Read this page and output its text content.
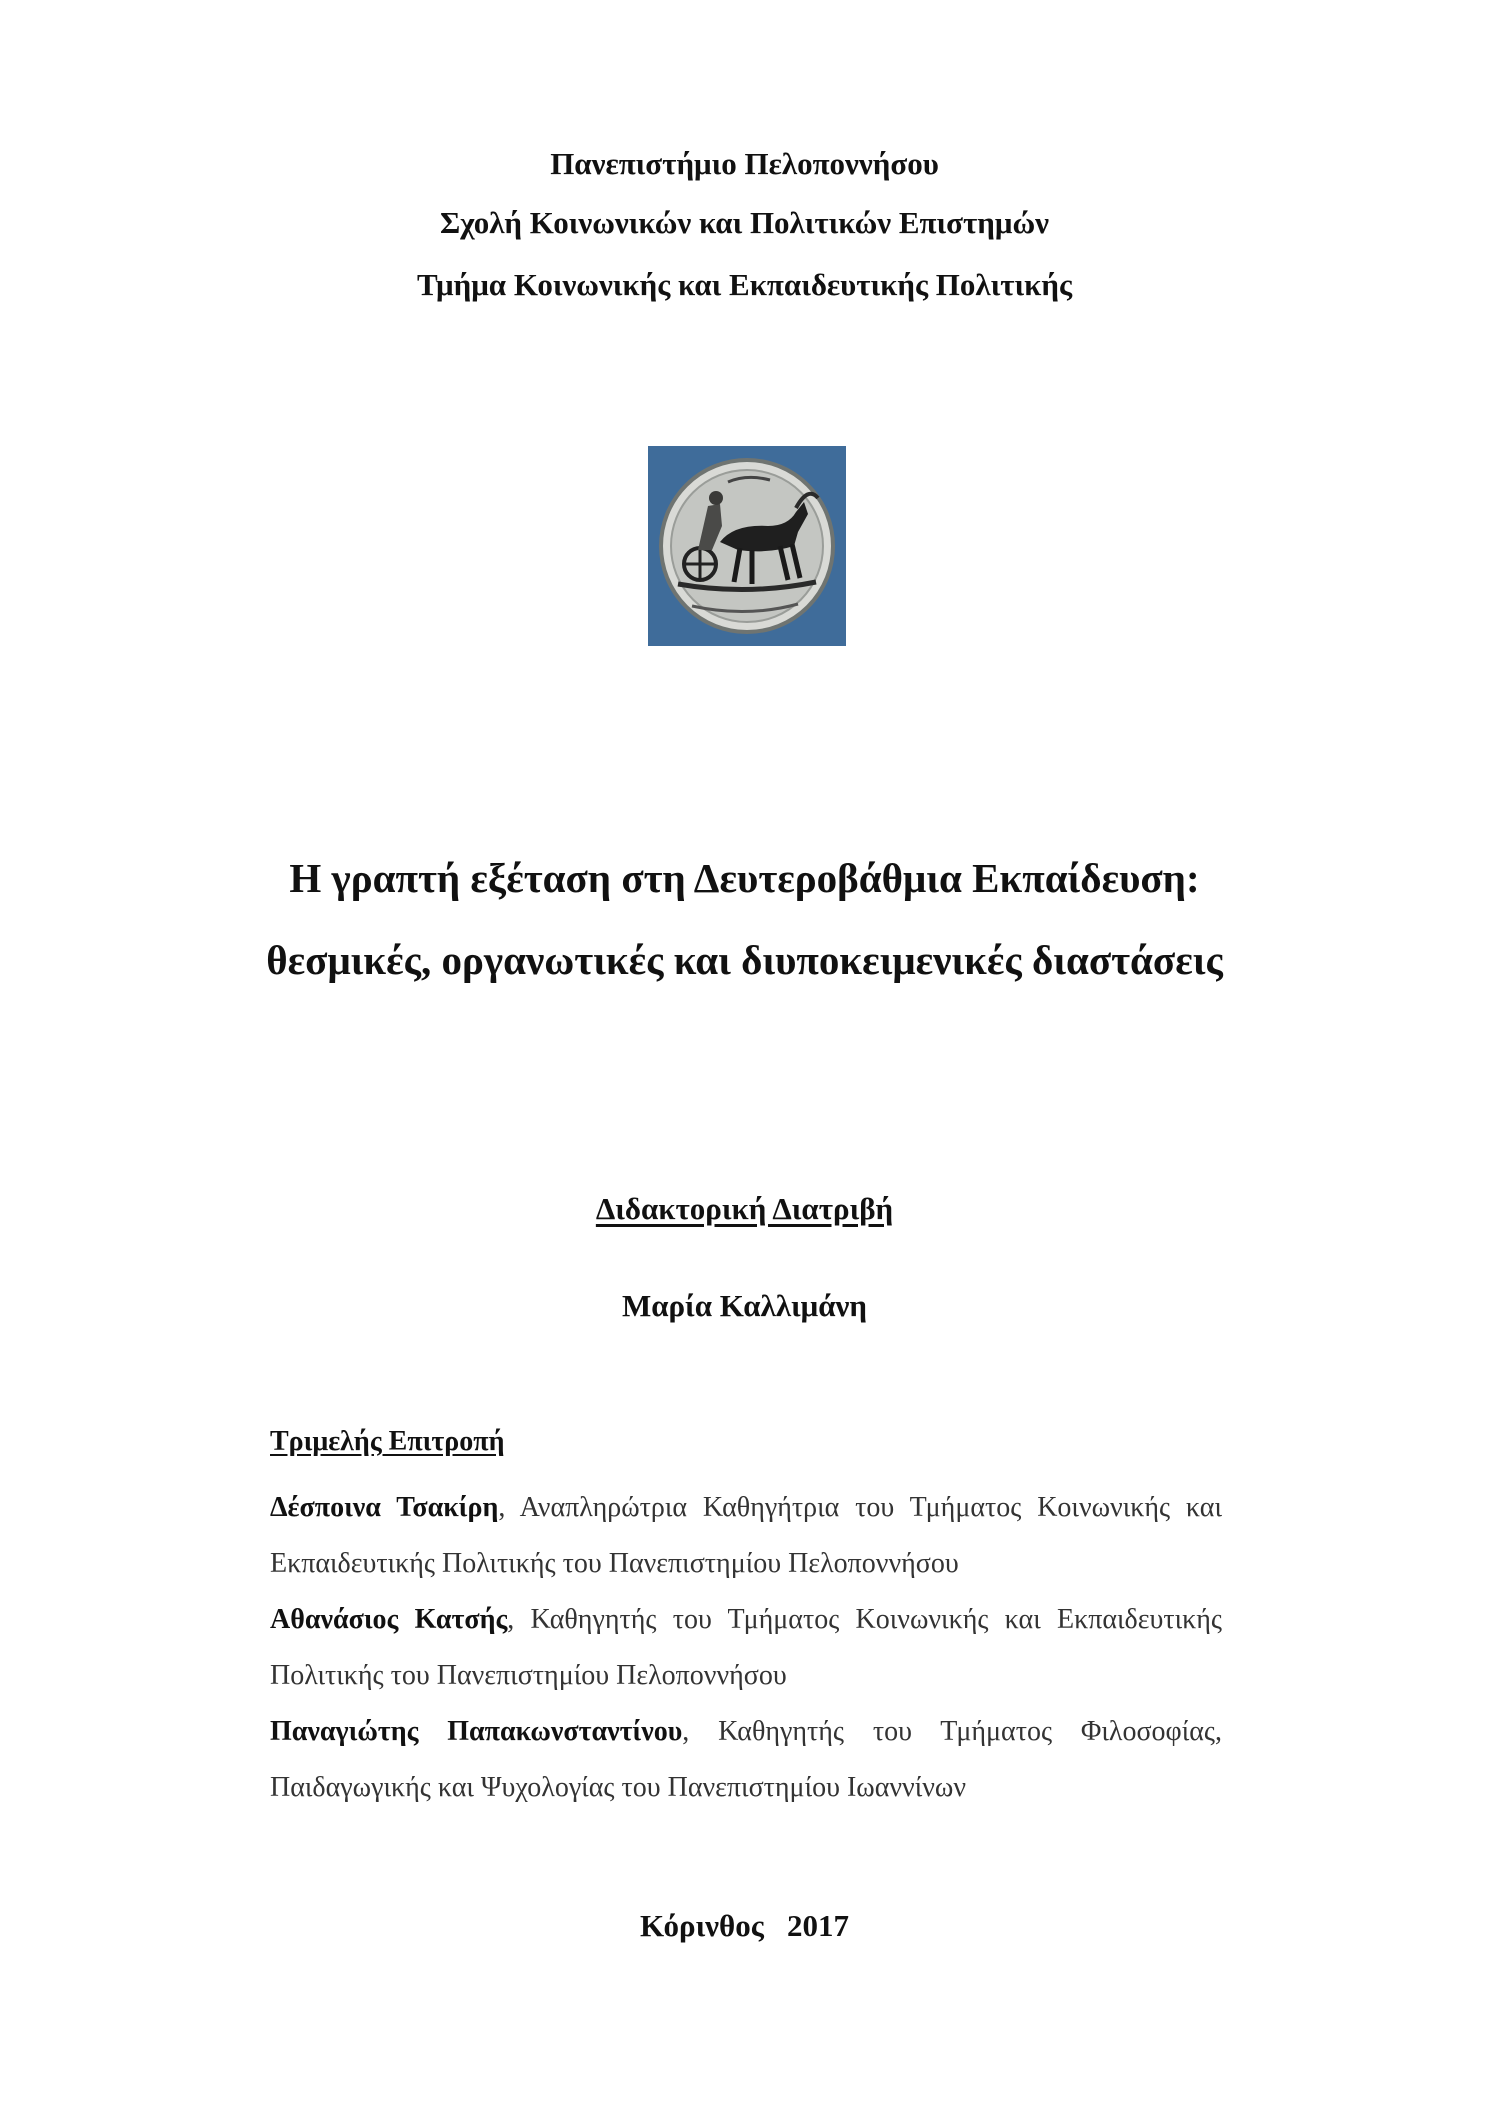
Πανεπιστήμιο Πελοποννήσου
Σχολή Κοινωνικών και Πολιτικών Επιστημών
Τμήμα Κοινωνικής και Εκπαιδευτικής Πολιτικής
Η γραπτή εξέταση στη Δευτεροβάθμια Εκπαίδευση:
θεσμικές, οργανωτικές και διυποκειμενικές διαστάσεις
Διδακτορική Διατριβή
Μαρία Καλλιμάνη
Τριμελής Επιτροπή
Δέσποινα Τσακίρη, Αναπληρώτρια Καθηγήτρια του Τμήματος Κοινωνικής και Εκπαιδευτικής Πολιτικής του Πανεπιστημίου Πελοποννήσου
Αθανάσιος Κατσής, Καθηγητής του Τμήματος Κοινωνικής και Εκπαιδευτικής Πολιτικής του Πανεπιστημίου Πελοποννήσου
Παναγιώτης Παπακωνσταντίνου, Καθηγητής του Τμήματος Φιλοσοφίας, Παιδαγωγικής και Ψυχολογίας του Πανεπιστημίου Ιωαννίνων
Κόρινθος   2017
